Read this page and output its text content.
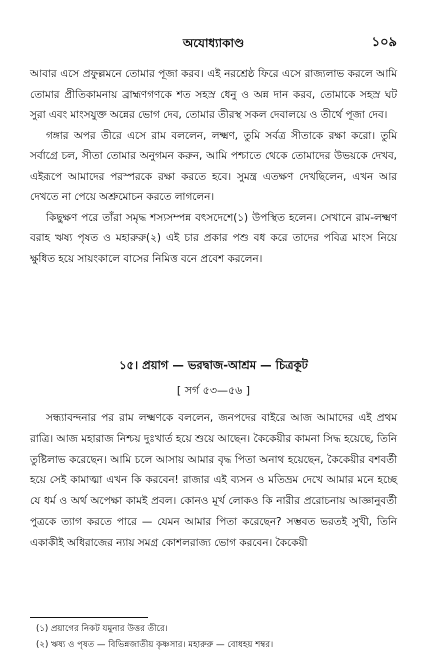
অযোধ্যাকাণ্ড	১০৯

আবার এসে প্রফুল্লমনে তোমার পূজা করব। এই নরশ্রেষ্ঠ ফিরে এসে রাজ্যলাভ করলে আমি তোমার প্রীতিকামনায় ব্রাহ্মণগণকে শত সহস্র ধেনু ও অন্ন দান করব, তোমাকে সহস্র ঘট সুরা এবং মাংসযুক্ত অন্নের ভোগ দেব, তোমার তীরস্থ সকল দেবালয়ে ও তীর্থে পূজা দেব।

গঙ্গার অপর তীরে এসে রাম বললেন, লক্ষ্মণ, তুমি সর্বত্র সীতাকে রক্ষা করো। তুমি সর্বাগ্রে চল, সীতা তোমার অনুগমন করুন, আমি পশ্চাতে থেকে তোমাদের উভয়কে দেখব, এইরূপে আমাদের পরস্পরকে রক্ষা করতে হবে। সুমন্ত্র এতক্ষণ দেখছিলেন, এখন আর দেখতে না পেয়ে অশ্রুমোচন করতে লাগলেন।

কিছুক্ষণ পরে তাঁরা সমৃদ্ধ শস্যসম্পন্ন বৎসদেশে(১) উপস্থিত হলেন। সেখানে রাম-লক্ষ্মণ বরাহ ঋষ্য পৃষত ও মহারুরু(২) এই চার প্রকার পশু বধ করে তাদের পবিত্র মাংস নিয়ে ক্ষুধিত হয়ে সায়ংকালে বাসের নিমিত্ত বনে প্রবেশ করলেন।

১৫। প্রয়াগ — ভরদ্বাজ-আশ্রম — চিত্রকূট
[ সর্গ ৫৩—৫৬ ]

সন্ধ্যাবন্দনার পর রাম লক্ষ্মণকে বললেন, জনপদের বাইরে আজ আমাদের এই প্রথম রাত্রি। আজ মহারাজ নিশ্চয় দুঃখার্ত হয়ে শুয়ে আছেন। কৈকেয়ীর কামনা সিদ্ধ হয়েছে, তিনি তুষ্টিলাভ করেছেন। আমি চলে আসায় আমার বৃদ্ধ পিতা অনাথ হয়েছেন, কৈকেয়ীর বশবর্তী হয়ে সেই কামাত্মা এখন কি করবেন! রাজার এই ব্যসন ও মতিভ্রম দেখে আমার মনে হচ্ছে যে ধর্ম ও অর্থ অপেক্ষা কামই প্রবল। কোনও মূর্খ লোকও কি নারীর প্ররোচনায় আজ্ঞানুবর্তী পুত্রকে ত্যাগ করতে পারে — যেমন আমার পিতা করেছেন? সম্ভবত ভরতই সুখী, তিনি একাকীই অধিরাজের ন্যায় সমগ্র কোশলরাজ্য ভোগ করবেন। কৈকেয়ী

(১) প্রয়াগের নিকট যমুনার উত্তর তীরে।

(২) ঋষ্য ও পৃষত — বিভিন্নজাতীয় কৃষ্ণসার। মহারুরু — বোধহয় শম্বর।
